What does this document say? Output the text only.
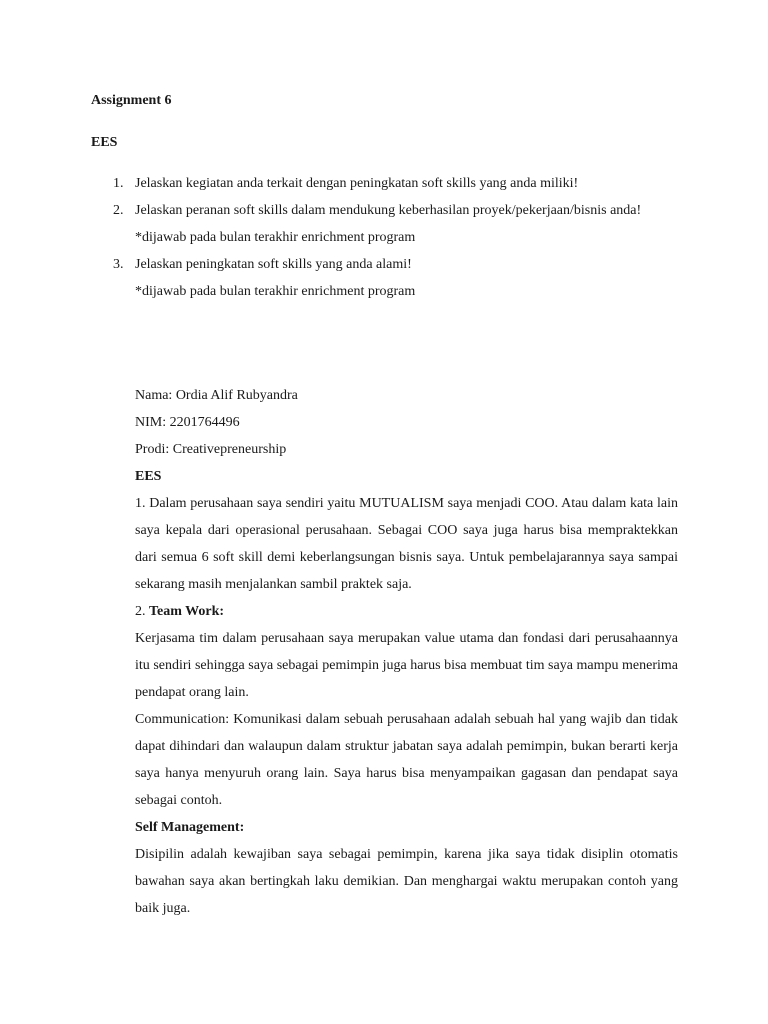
Assignment 6
EES
1. Jelaskan kegiatan anda terkait dengan peningkatan soft skills yang anda miliki!
2. Jelaskan peranan soft skills dalam mendukung keberhasilan proyek/pekerjaan/bisnis anda!
*dijawab pada bulan terakhir enrichment program
3. Jelaskan peningkatan soft skills yang anda alami!
*dijawab pada bulan terakhir enrichment program

Nama: Ordia Alif Rubyandra

NIM: 2201764496

Prodi: Creativepreneurship

EES

1. Dalam perusahaan saya sendiri yaitu MUTUALISM saya menjadi COO. Atau dalam kata lain saya kepala dari operasional perusahaan. Sebagai COO saya juga harus bisa mempraktekkan dari semua 6 soft skill demi keberlangsungan bisnis saya. Untuk pembelajarannya saya sampai sekarang masih menjalankan sambil praktek saja.

2. Team Work:

Kerjasama tim dalam perusahaan saya merupakan value utama dan fondasi dari perusahaannya itu sendiri sehingga saya sebagai pemimpin juga harus bisa membuat tim saya mampu menerima pendapat orang lain.

Communication: Komunikasi dalam sebuah perusahaan adalah sebuah hal yang wajib dan tidak dapat dihindari dan walaupun dalam struktur jabatan saya adalah pemimpin, bukan berarti kerja saya hanya menyuruh orang lain. Saya harus bisa menyampaikan gagasan dan pendapat saya sebagai contoh.

Self Management:

Disipilin adalah kewajiban saya sebagai pemimpin, karena jika saya tidak disiplin otomatis bawahan saya akan bertingkah laku demikian. Dan menghargai waktu merupakan contoh yang baik juga.
